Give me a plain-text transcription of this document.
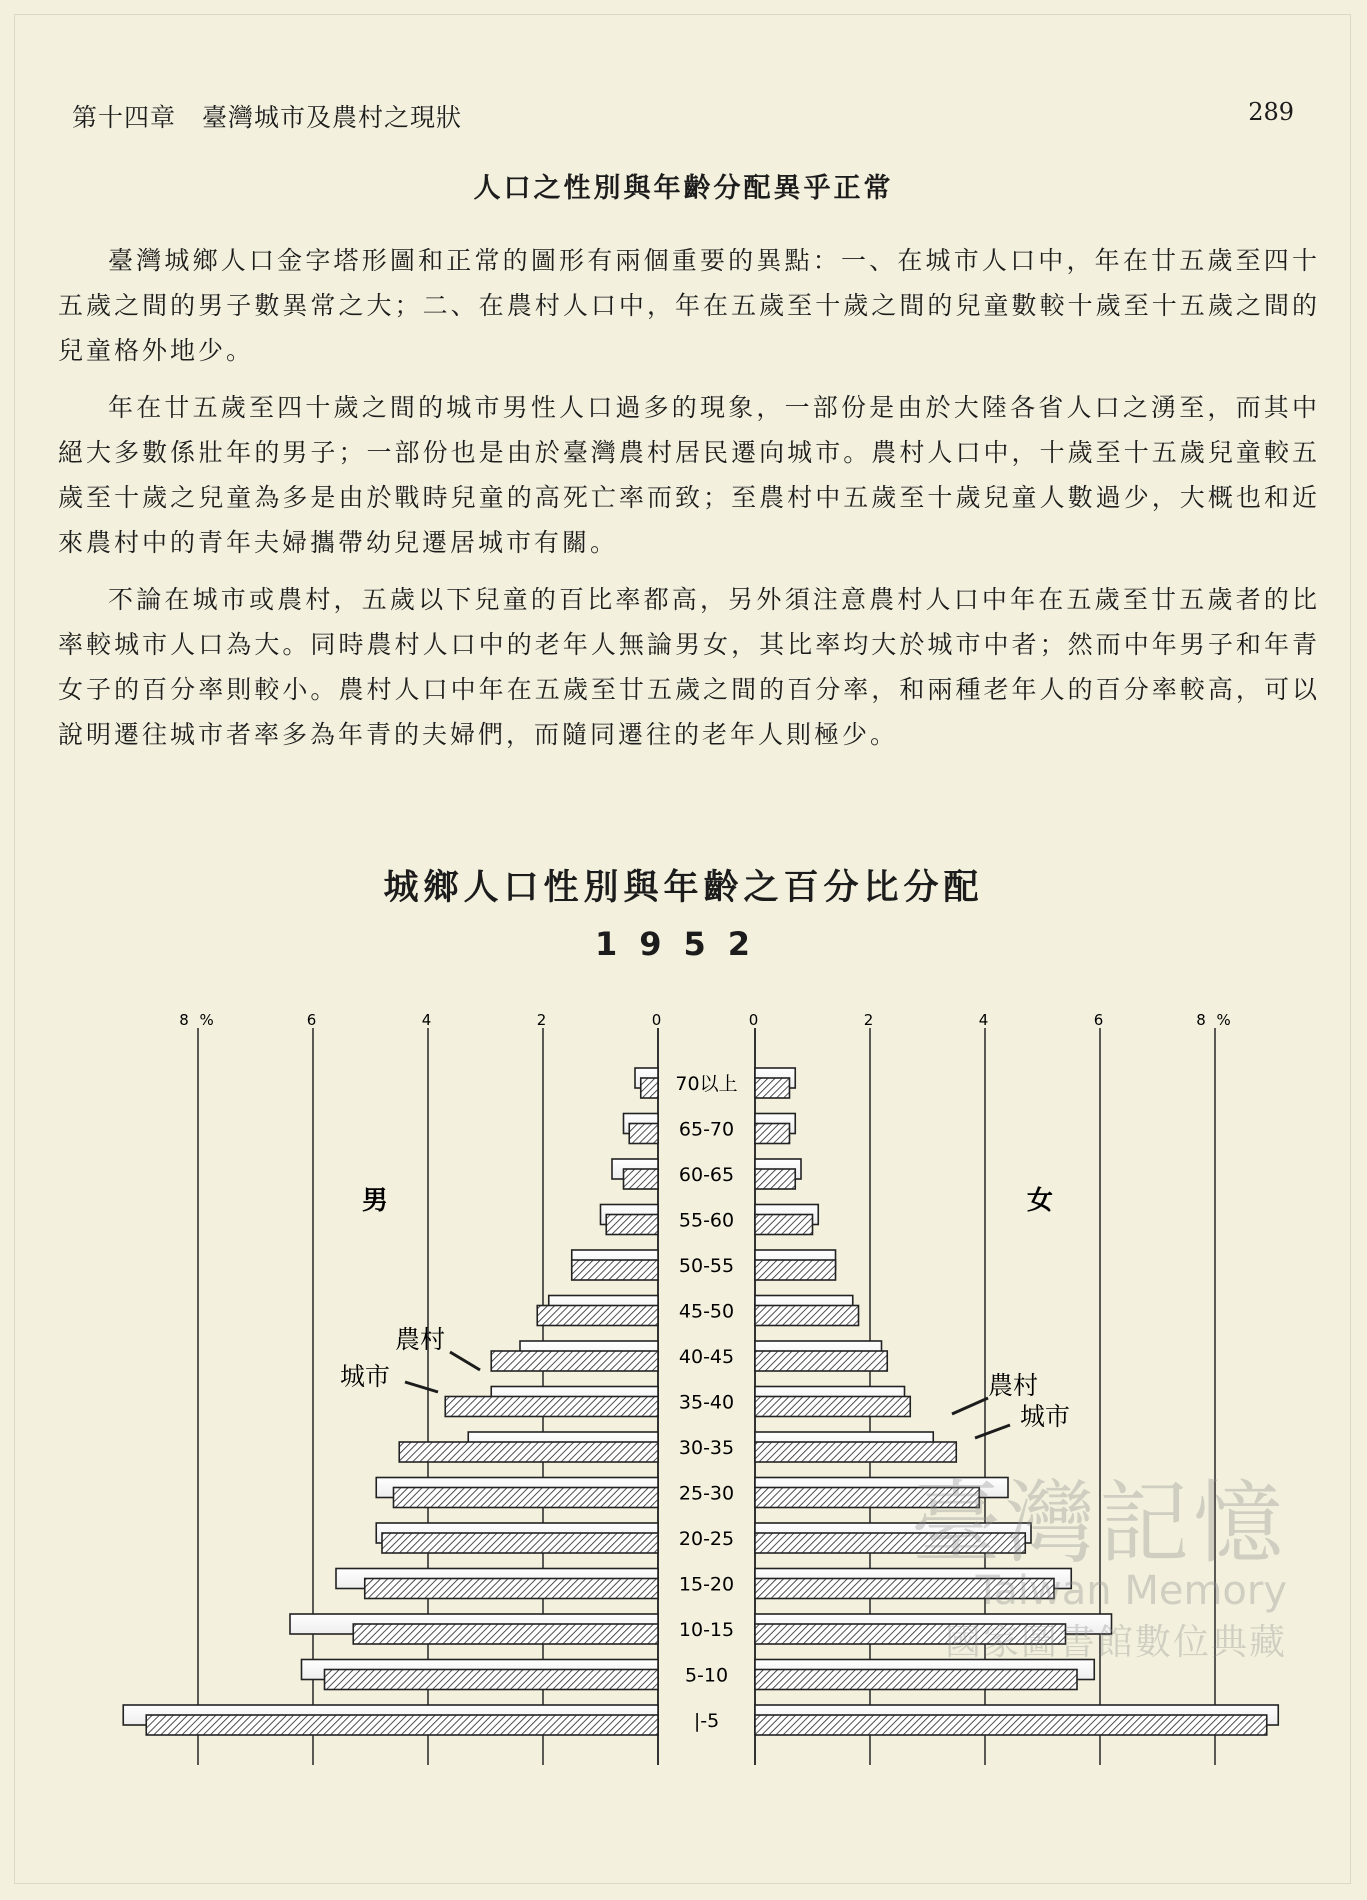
第十四章　臺灣城市及農村之現狀	289
人口之性別與年齡分配異乎正常

臺灣城鄉人口金字塔形圖和正常的圖形有兩個重要的異點：一、在城市人口中，年在廿五歲至四十五歲之間的男子數異常之大；二、在農村人口中，年在五歲至十歲之間的兒童數較十歲至十五歲之間的兒童格外地少。

年在廿五歲至四十歲之間的城市男性人口過多的現象，一部份是由於大陸各省人口之湧至，而其中絕大多數係壯年的男子；一部份也是由於臺灣農村居民遷向城市。農村人口中，十歲至十五歲兒童較五歲至十歲之兒童為多是由於戰時兒童的高死亡率而致；至農村中五歲至十歲兒童人數過少，大概也和近來農村中的青年夫婦攜帶幼兒遷居城市有關。

不論在城市或農村，五歲以下兒童的百比率都高，另外須注意農村人口中年在五歲至廿五歲者的比率較城市人口為大。同時農村人口中的老年人無論男女，其比率均大於城市中者；然而中年男子和年青女子的百分率則較小。農村人口中年在五歲至廿五歲之間的百分率，和兩種老年人的百分率較高，可以說明遷往城市者率多為年青的夫婦們，而隨同遷往的老年人則極少。

城鄉人口性別與年齡之百分比分配
1952
8 %	8 %
6	6
4	4
2	2
0	0
|-5
5-10
10-15
15-20
20-25
25-30
30-35
35-40
40-45
45-50
50-55
55-60
60-65
65-70
70以上
男	女
農村
城市	農村
城市
臺灣記憶
Taiwan Memory
國家圖書館數位典藏
